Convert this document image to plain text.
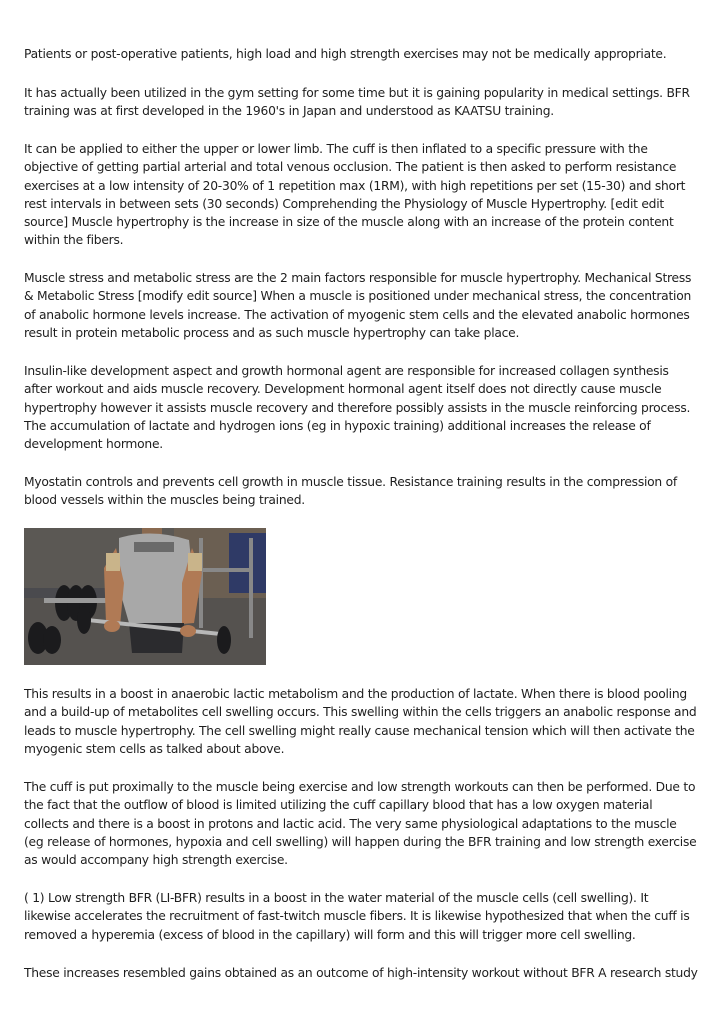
Patients or post-operative patients, high load and high strength exercises may not be medically appropriate.

It has actually been utilized in the gym setting for some time but it is gaining popularity in medical settings. BFR training was at first developed in the 1960's in Japan and understood as KAATSU training.

It can be applied to either the upper or lower limb. The cuff is then inflated to a specific pressure with the objective of getting partial arterial and total venous occlusion. The patient is then asked to perform resistance exercises at a low intensity of 20-30% of 1 repetition max (1RM), with high repetitions per set (15-30) and short rest intervals in between sets (30 seconds) Comprehending the Physiology of Muscle Hypertrophy. [edit edit source] Muscle hypertrophy is the increase in size of the muscle along with an increase of the protein content within the fibers.

Muscle stress and metabolic stress are the 2 main factors responsible for muscle hypertrophy. Mechanical Stress & Metabolic Stress [modify edit source] When a muscle is positioned under mechanical stress, the concentration of anabolic hormone levels increase. The activation of myogenic stem cells and the elevated anabolic hormones result in protein metabolic process and as such muscle hypertrophy can take place.

Insulin-like development aspect and growth hormonal agent are responsible for increased collagen synthesis after workout and aids muscle recovery. Development hormonal agent itself does not directly cause muscle hypertrophy however it assists muscle recovery and therefore possibly assists in the muscle reinforcing process. The accumulation of lactate and hydrogen ions (eg in hypoxic training) additional increases the release of development hormone.

Myostatin controls and prevents cell growth in muscle tissue. Resistance training results in the compression of blood vessels within the muscles being trained.

This results in a boost in anaerobic lactic metabolism and the production of lactate. When there is blood pooling and a build-up of metabolites cell swelling occurs. This swelling within the cells triggers an anabolic response and leads to muscle hypertrophy. The cell swelling might really cause mechanical tension which will then activate the myogenic stem cells as talked about above.

The cuff is put proximally to the muscle being exercise and low strength workouts can then be performed. Due to the fact that the outflow of blood is limited utilizing the cuff capillary blood that has a low oxygen material collects and there is a boost in protons and lactic acid. The very same physiological adaptations to the muscle (eg release of hormones, hypoxia and cell swelling) will happen during the BFR training and low strength exercise as would accompany high strength exercise.

( 1) Low strength BFR (LI-BFR) results in a boost in the water material of the muscle cells (cell swelling). It likewise accelerates the recruitment of fast-twitch muscle fibers. It is likewise hypothesized that when the cuff is removed a hyperemia (excess of blood in the capillary) will form and this will trigger more cell swelling.

These increases resembled gains obtained as an outcome of high-intensity workout without BFR A research study
